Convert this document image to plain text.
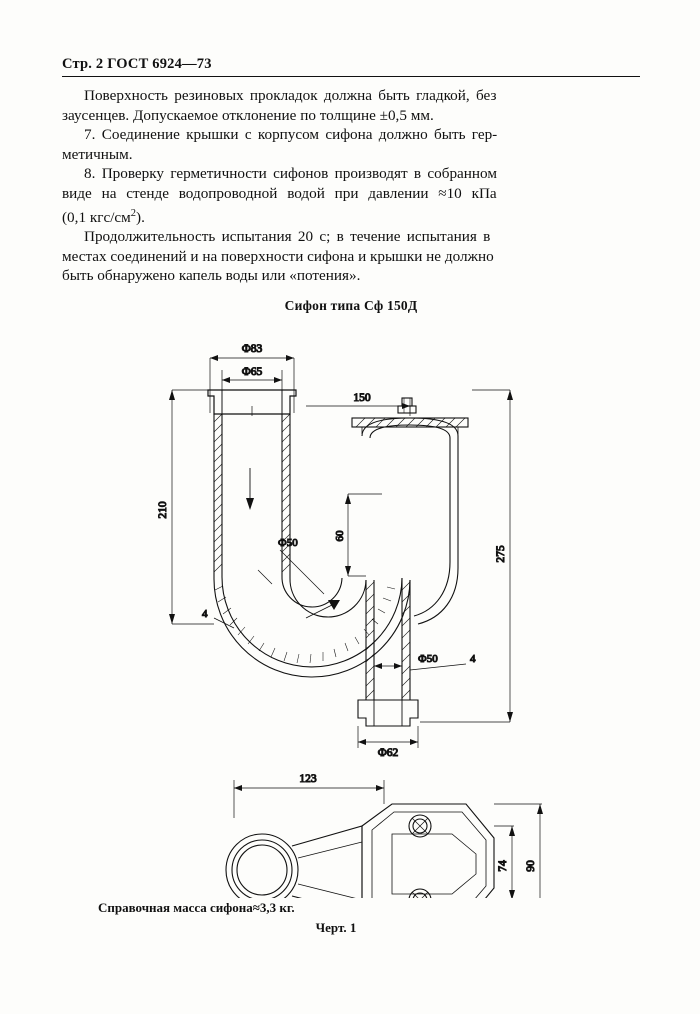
Стр. 2 ГОСТ 6924—73

Поверхность резиновых прокладок должна быть гладкой, без
заусенцев. Допускаемое отклонение по толщине ±0,5 мм.

7. Соединение крышки с корпусом сифона должно быть гер-
метичным.

8. Проверку герметичности сифонов производят в собранном
виде на стенде водопроводной водой при давлении ≈10 кПа
(0,1 кгс/$см^2$).

Продолжительность испытания 20 с; в течение испытания в
местах соединений и на поверхности сифона и крышки не должно
быть обнаружено капель воды или «потения».

Сифон типа Сф 150Д
Ф83
Ф65
Ф50
4
210
275
150
60
Ф50	4
Ф62
123
74 90
Справочная масса сифона≈3,3 кг.
Черт. 1
